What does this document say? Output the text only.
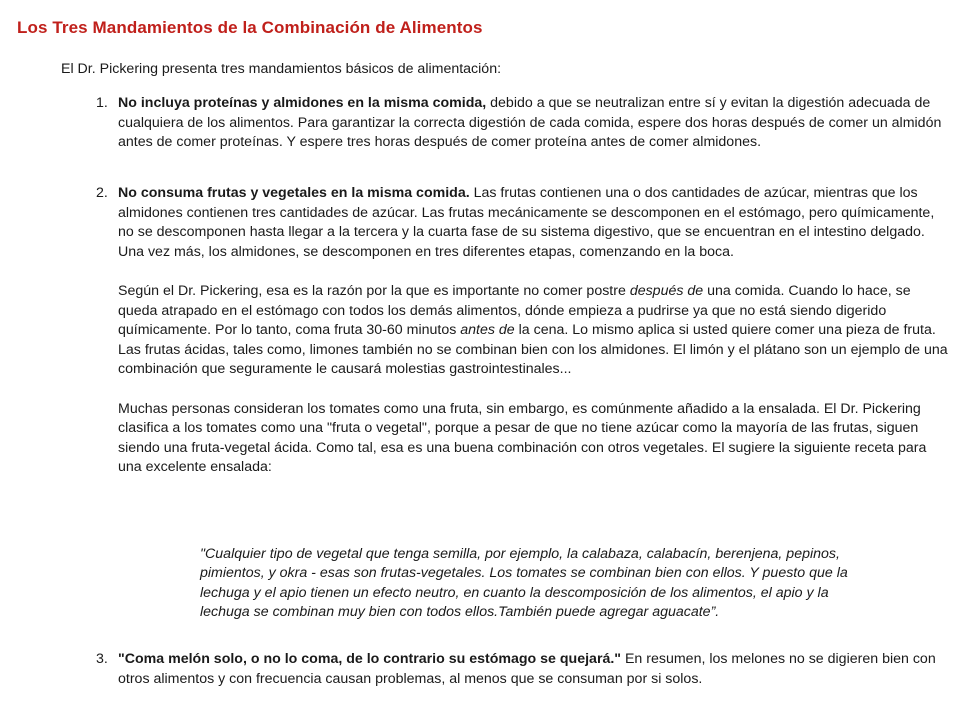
Los Tres Mandamientos de la Combinación de Alimentos

El Dr. Pickering presenta tres mandamientos básicos de alimentación:

1. No incluya proteínas y almidones en la misma comida, debido a que se neutralizan entre sí y evitan la digestión adecuada de cualquiera de los alimentos. Para garantizar la correcta digestión de cada comida, espere dos horas después de comer un almidón antes de comer proteínas. Y espere tres horas después de comer proteína antes de comer almidones.

2. No consuma frutas y vegetales en la misma comida. Las frutas contienen una o dos cantidades de azúcar, mientras que los almidones contienen tres cantidades de azúcar. Las frutas mecánicamente se descomponen en el estómago, pero químicamente, no se descomponen hasta llegar a la tercera y la cuarta fase de su sistema digestivo, que se encuentran en el intestino delgado. Una vez más, los almidones, se descomponen en tres diferentes etapas, comenzando en la boca.

Según el Dr. Pickering, esa es la razón por la que es importante no comer postre después de una comida. Cuando lo hace, se queda atrapado en el estómago con todos los demás alimentos, dónde empieza a pudrirse ya que no está siendo digerido químicamente. Por lo tanto, coma fruta 30-60 minutos antes de la cena. Lo mismo aplica si usted quiere comer una pieza de fruta. Las frutas ácidas, tales como, limones también no se combinan bien con los almidones. El limón y el plátano son un ejemplo de una combinación que seguramente le causará molestias gastrointestinales...

Muchas personas consideran los tomates como una fruta, sin embargo, es comúnmente añadido a la ensalada. El Dr. Pickering clasifica a los tomates como una "fruta o vegetal", porque a pesar de que no tiene azúcar como la mayoría de las frutas, siguen siendo una fruta-vegetal ácida. Como tal, esa es una buena combinación con otros vegetales. El sugiere la siguiente receta para una excelente ensalada:

"Cualquier tipo de vegetal que tenga semilla, por ejemplo, la calabaza, calabacín, berenjena, pepinos, pimientos, y okra - esas son frutas-vegetales. Los tomates se combinan bien con ellos. Y puesto que la lechuga y el apio tienen un efecto neutro, en cuanto la descomposición de los alimentos, el apio y la lechuga se combinan muy bien con todos ellos.También puede agregar aguacate”.

3. "Coma melón solo, o no lo coma, de lo contrario su estómago se quejará." En resumen, los melones no se digieren bien con otros alimentos y con frecuencia causan problemas, al menos que se consuman por si solos.
